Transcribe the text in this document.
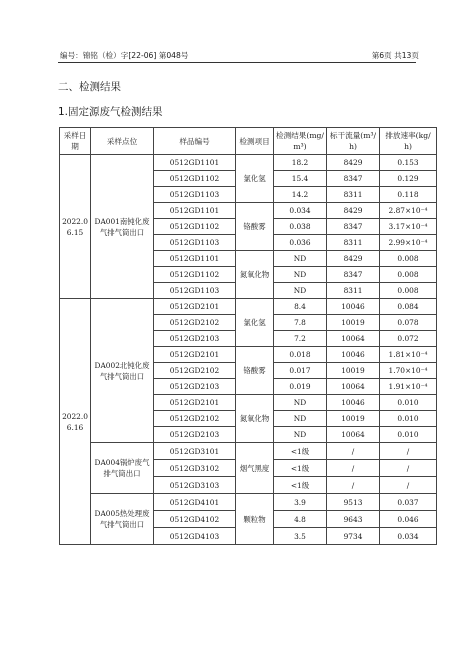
编号：锦铭（检）字[22-06] 第048号	第6页 共13页
二、检测结果
1.固定源废气检测结果
采样日期	采样点位	样品编号	检测项目	检测结果(mg/m³)	标干流量(m³/h)	排放速率(kg/h)
2022.06.15	DA001南钝化废气排气筒出口	0512GD1101	氯化氢	18.2	8429	0.153
		0512GD1102		15.4	8347	0.129
		0512GD1103		14.2	8311	0.118
		0512GD1101	铬酸雾	0.034	8429	2.87×10⁻⁴
		0512GD1102		0.038	8347	3.17×10⁻⁴
		0512GD1103		0.036	8311	2.99×10⁻⁴
		0512GD1101	氮氧化物	ND	8429	0.008
		0512GD1102		ND	8347	0.008
		0512GD1103		ND	8311	0.008
2022.06.16	DA002北钝化废气排气筒出口	0512GD2101	氯化氢	8.4	10046	0.084
		0512GD2102		7.8	10019	0.078
		0512GD2103		7.2	10064	0.072
		0512GD2101	铬酸雾	0.018	10046	1.81×10⁻⁴
		0512GD2102		0.017	10019	1.70×10⁻⁴
		0512GD2103		0.019	10064	1.91×10⁻⁴
		0512GD2101	氮氧化物	ND	10046	0.010
		0512GD2102		ND	10019	0.010
		0512GD2103		ND	10064	0.010
	DA004锅炉废气排气筒出口	0512GD3101	烟气黑度	<1级	/	/
		0512GD3102		<1级	/	/
		0512GD3103		<1级	/	/
	DA005热处理废气排气筒出口	0512GD4101	颗粒物	3.9	9513	0.037
		0512GD4102		4.8	9643	0.046
		0512GD4103		3.5	9734	0.034
